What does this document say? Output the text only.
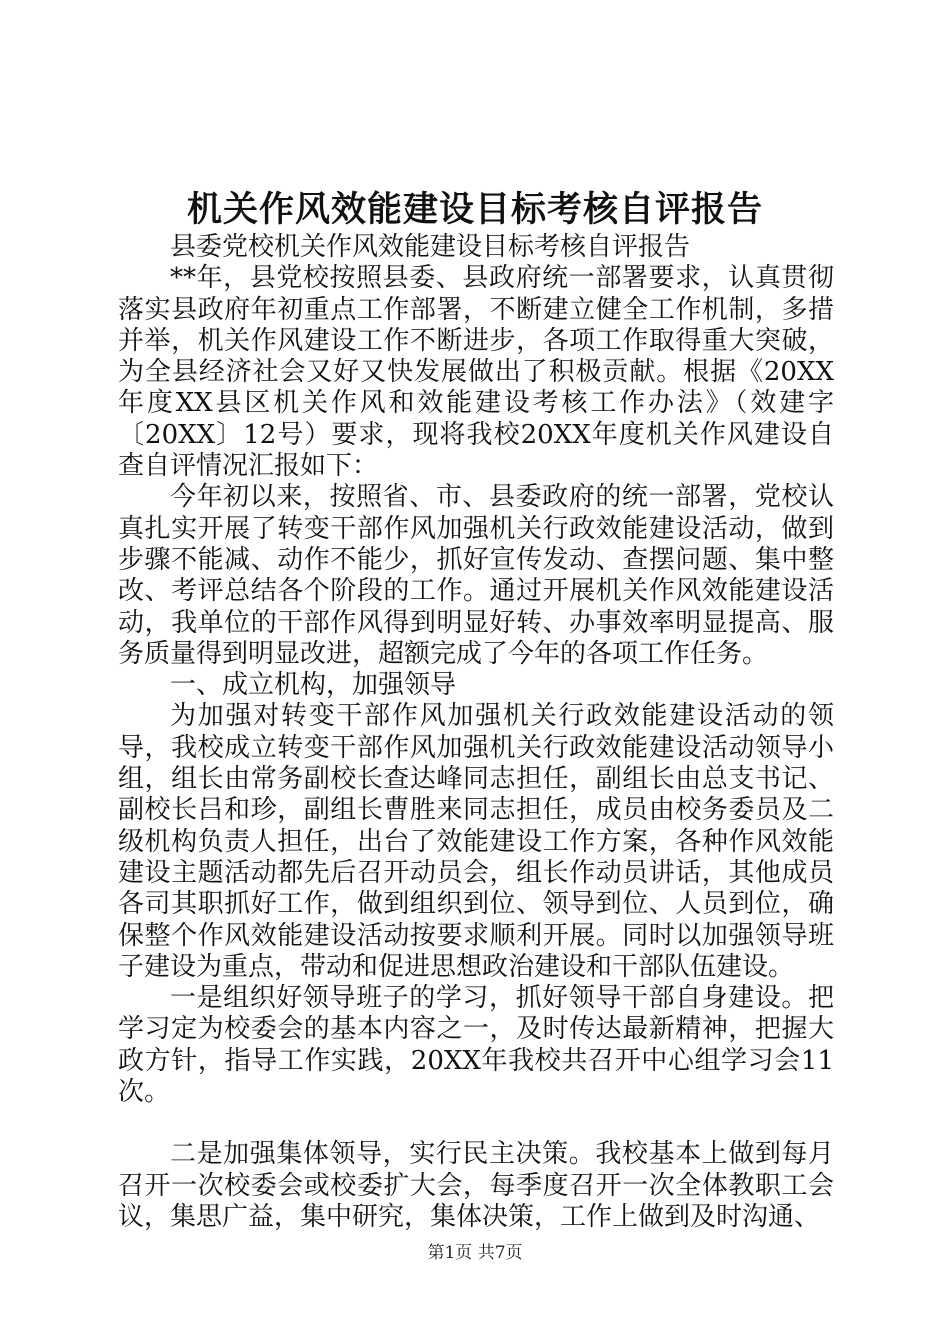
机关作风效能建设目标考核自评报告

县委党校机关作风效能建设目标考核自评报告

**年，县党校按照县委、县政府统一部署要求，认真贯彻落实县政府年初重点工作部署，不断建立健全工作机制，多措并举，机关作风建设工作不断进步，各项工作取得重大突破，为全县经济社会又好又快发展做出了积极贡献。根据《20XX年度XX县区机关作风和效能建设考核工作办法》（效建字〔20XX〕12号）要求，现将我校20XX年度机关作风建设自查自评情况汇报如下：

今年初以来，按照省、市、县委政府的统一部署，党校认真扎实开展了转变干部作风加强机关行政效能建设活动，做到步骤不能减、动作不能少，抓好宣传发动、查摆问题、集中整改、考评总结各个阶段的工作。通过开展机关作风效能建设活动，我单位的干部作风得到明显好转、办事效率明显提高、服务质量得到明显改进，超额完成了今年的各项工作任务。

一、成立机构，加强领导

为加强对转变干部作风加强机关行政效能建设活动的领导，我校成立转变干部作风加强机关行政效能建设活动领导小组，组长由常务副校长查达峰同志担任，副组长由总支书记、副校长吕和珍，副组长曹胜来同志担任，成员由校务委员及二级机构负责人担任，出台了效能建设工作方案，各种作风效能建设主题活动都先后召开动员会，组长作动员讲话，其他成员各司其职抓好工作，做到组织到位、领导到位、人员到位，确保整个作风效能建设活动按要求顺利开展。同时以加强领导班子建设为重点，带动和促进思想政治建设和干部队伍建设。

一是组织好领导班子的学习，抓好领导干部自身建设。把学习定为校委会的基本内容之一，及时传达最新精神，把握大政方针，指导工作实践，20XX年我校共召开中心组学习会11次。

二是加强集体领导，实行民主决策。我校基本上做到每月召开一次校委会或校委扩大会，每季度召开一次全体教职工会议，集思广益，集中研究，集体决策，工作上做到及时沟通、

第1页 共7页
